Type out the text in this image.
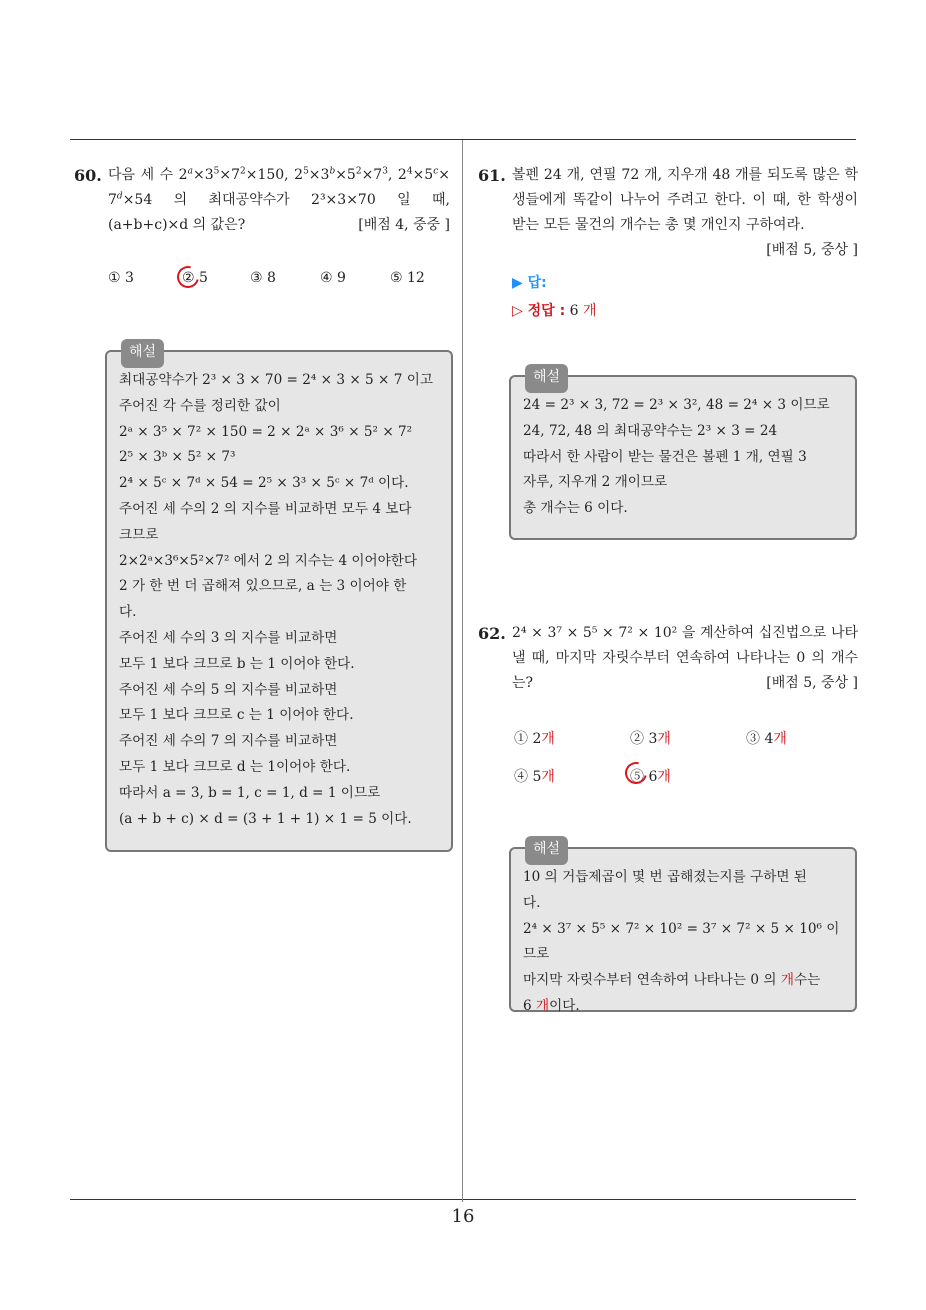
60. 다음 세 수 $2^a\times 3^5\times 7^2\times 150$, $2^5\times 3^b\times 5^2\times 7^3$, $2^4\times 5^c\times 7^d\times 54$ 의 최대공약수가 2³×3×70 일 때, (a+b+c)×d 의 값은?	[배점 4, 중중 ]
① 3	② 5	③ 8	④ 9	⑤ 12
해설
최대공약수가 2³ × 3 × 70 = 2⁴ × 3 × 5 × 7 이고
주어진 각 수를 정리한 값이
2ᵃ × 3⁵ × 7² × 150 = 2 × 2ᵃ × 3⁶ × 5² × 7²
2⁵ × 3ᵇ × 5² × 7³
2⁴ × 5ᶜ × 7ᵈ × 54 = 2⁵ × 3³ × 5ᶜ × 7ᵈ 이다.
주어진 세 수의 2 의 지수를 비교하면 모두 4 보다
크므로
2×2ᵃ×3⁶×5²×7² 에서 2 의 지수는 4 이어야한다
2 가 한 번 더 곱해져 있으므로, a 는 3 이어야 한
다.
주어진 세 수의 3 의 지수를 비교하면
모두 1 보다 크므로 b 는 1 이어야 한다.
주어진 세 수의 5 의 지수를 비교하면
모두 1 보다 크므로 c 는 1 이어야 한다.
주어진 세 수의 7 의 지수를 비교하면
모두 1 보다 크므로 d 는 1이어야 한다.
따라서 a = 3, b = 1, c = 1, d = 1 이므로
(a + b + c) × d = (3 + 1 + 1) × 1 = 5 이다.
61. 볼펜 24 개, 연필 72 개, 지우개 48 개를 되도록 많은 학생들에게 똑같이 나누어 주려고 한다. 이 때, 한 학생이 받는 모든 물건의 개수는 총 몇 개인지 구하여라.
[배점 5, 중상 ]
▶ 답:
▷ 정답 : 6 개
해설
24 = 2³ × 3, 72 = 2³ × 3², 48 = 2⁴ × 3 이므로
24, 72, 48 의 최대공약수는 2³ × 3 = 24
따라서 한 사람이 받는 물건은 볼펜 1 개, 연필 3
자루, 지우개 2 개이므로
총 개수는 6 이다.
62. 2⁴ × 3⁷ × 5⁵ × 7² × 10² 을 계산하여 십진법으로 나타낼 때, 마지막 자릿수부터 연속하여 나타나는 0 의 개수는?	[배점 5, 중상 ]
① 2개	② 3개	③ 4개
④ 5개	⑤ 6개
해설
10 의 거듭제곱이 몇 번 곱해졌는지를 구하면 된
다.
2⁴ × 3⁷ × 5⁵ × 7² × 10² = 3⁷ × 7² × 5 × 10⁶ 이므로
마지막 자릿수부터 연속하여 나타나는 0 의 개수는
6 개이다.
16
